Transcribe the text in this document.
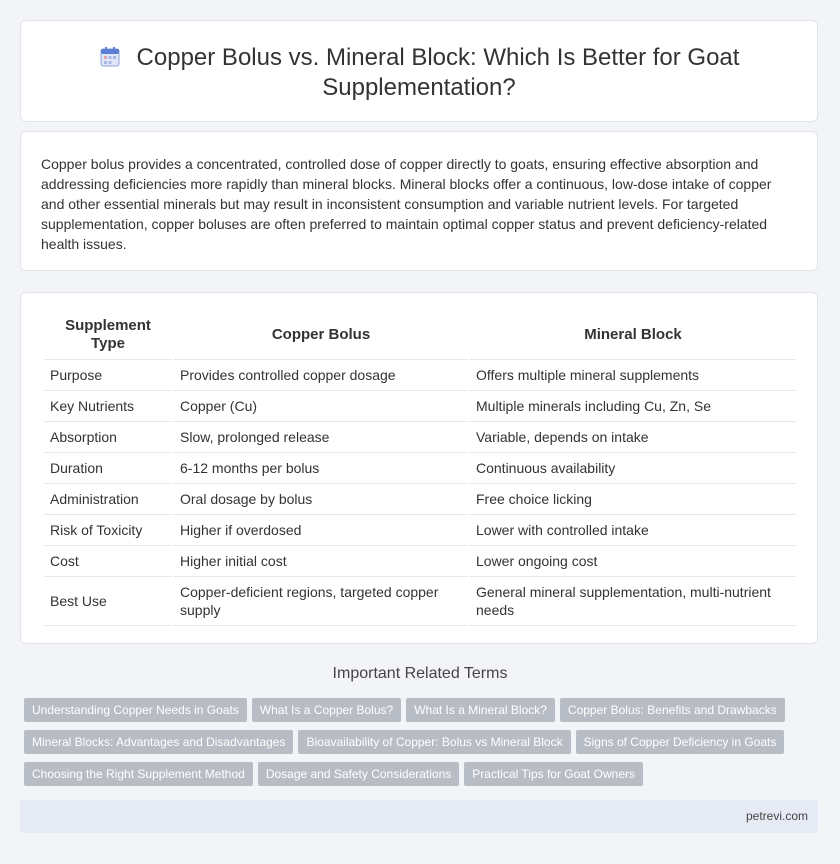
Copper Bolus vs. Mineral Block: Which Is Better for Goat Supplementation?
Copper bolus provides a concentrated, controlled dose of copper directly to goats, ensuring effective absorption and addressing deficiencies more rapidly than mineral blocks. Mineral blocks offer a continuous, low-dose intake of copper and other essential minerals but may result in inconsistent consumption and variable nutrient levels. For targeted supplementation, copper boluses are often preferred to maintain optimal copper status and prevent deficiency-related health issues.
Supplement Type	Copper Bolus	Mineral Block
Purpose	Provides controlled copper dosage	Offers multiple mineral supplements
Key Nutrients	Copper (Cu)	Multiple minerals including Cu, Zn, Se
Absorption	Slow, prolonged release	Variable, depends on intake
Duration	6-12 months per bolus	Continuous availability
Administration	Oral dosage by bolus	Free choice licking
Risk of Toxicity	Higher if overdosed	Lower with controlled intake
Cost	Higher initial cost	Lower ongoing cost
Best Use	Copper-deficient regions, targeted copper supply	General mineral supplementation, multi-nutrient needs
Important Related Terms
Understanding Copper Needs in Goats What Is a Copper Bolus? What Is a Mineral Block? Copper Bolus: Benefits and Drawbacks
Mineral Blocks: Advantages and Disadvantages Bioavailability of Copper: Bolus vs Mineral Block Signs of Copper Deficiency in Goats
Choosing the Right Supplement Method Dosage and Safety Considerations Practical Tips for Goat Owners
petrevi.com
